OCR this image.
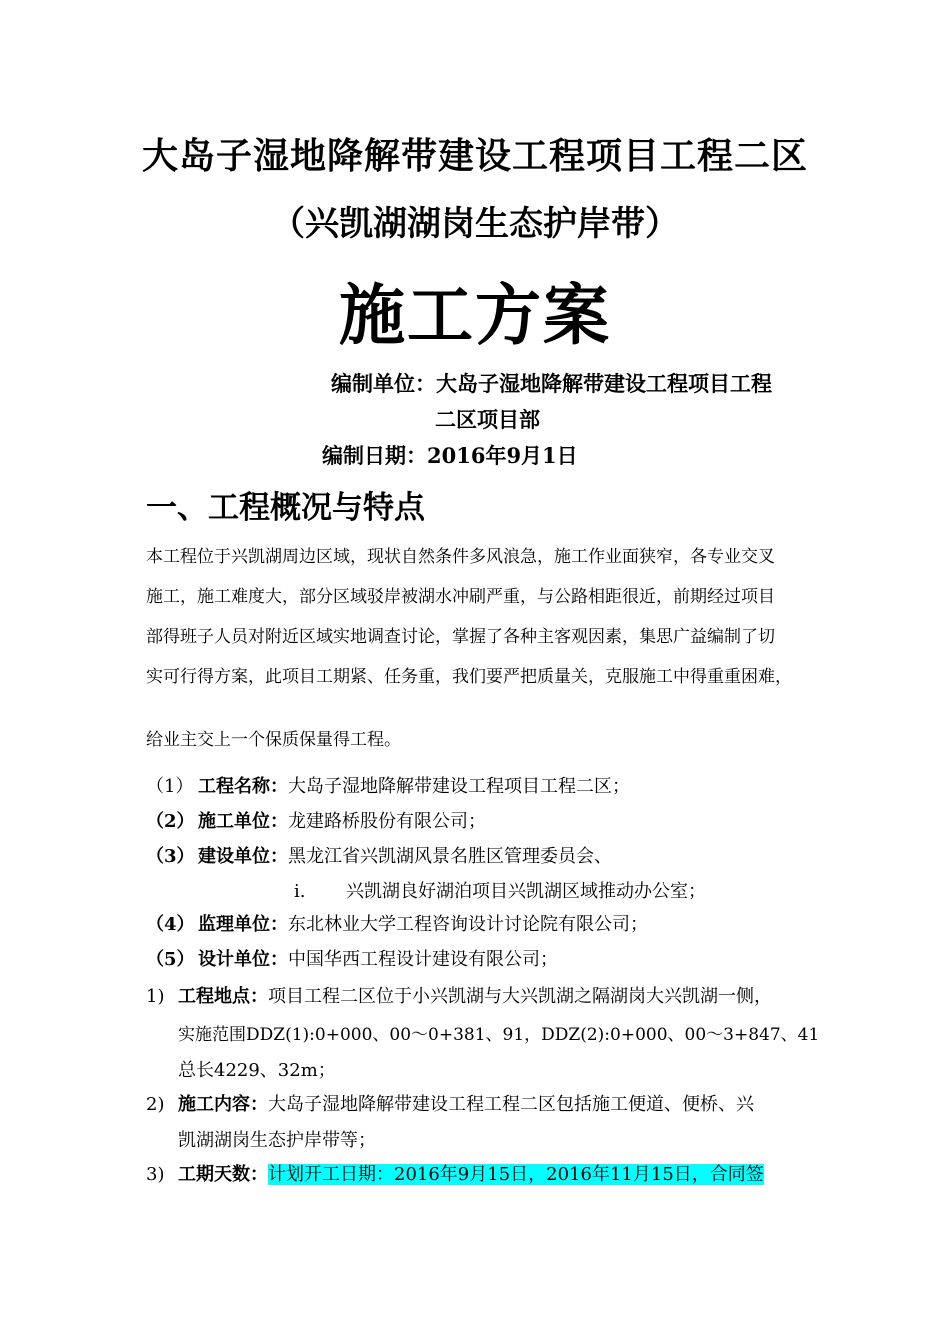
大岛子湿地降解带建设工程项目工程二区
（兴凯湖湖岗生态护岸带）
施工方案
编制单位：大岛子湿地降解带建设工程项目工程
二区项目部
编制日期：2016年9月1日
一、工程概况与特点
本工程位于兴凯湖周边区域，现状自然条件多风浪急，施工作业面狭窄，各专业交叉
施工，施工难度大，部分区域驳岸被湖水冲刷严重，与公路相距很近，前期经过项目
部得班子人员对附近区域实地调查讨论，掌握了各种主客观因素，集思广益编制了切
实可行得方案，此项目工期紧、任务重，我们要严把质量关，克服施工中得重重困难，
给业主交上一个保质保量得工程。
（1） 工程名称：大岛子湿地降解带建设工程项目工程二区；
（2） 施工单位：龙建路桥股份有限公司；
（3） 建设单位：黑龙江省兴凯湖风景名胜区管理委员会、
i. 兴凯湖良好湖泊项目兴凯湖区域推动办公室；
（4） 监理单位：东北林业大学工程咨询设计讨论院有限公司；
（5） 设计单位：中国华西工程设计建设有限公司；
1) 工程地点：项目工程二区位于小兴凯湖与大兴凯湖之隔湖岗大兴凯湖一侧，
实施范围DDZ(1):0+000、00～0+381、91，DDZ(2):0+000、00～3+847、41
总长4229、32m；
2) 施工内容：大岛子湿地降解带建设工程工程二区包括施工便道、便桥、兴
凯湖湖岗生态护岸带等；
3) 工期天数：计划开工日期：2016年9月15日，2016年11月15日，合同签
